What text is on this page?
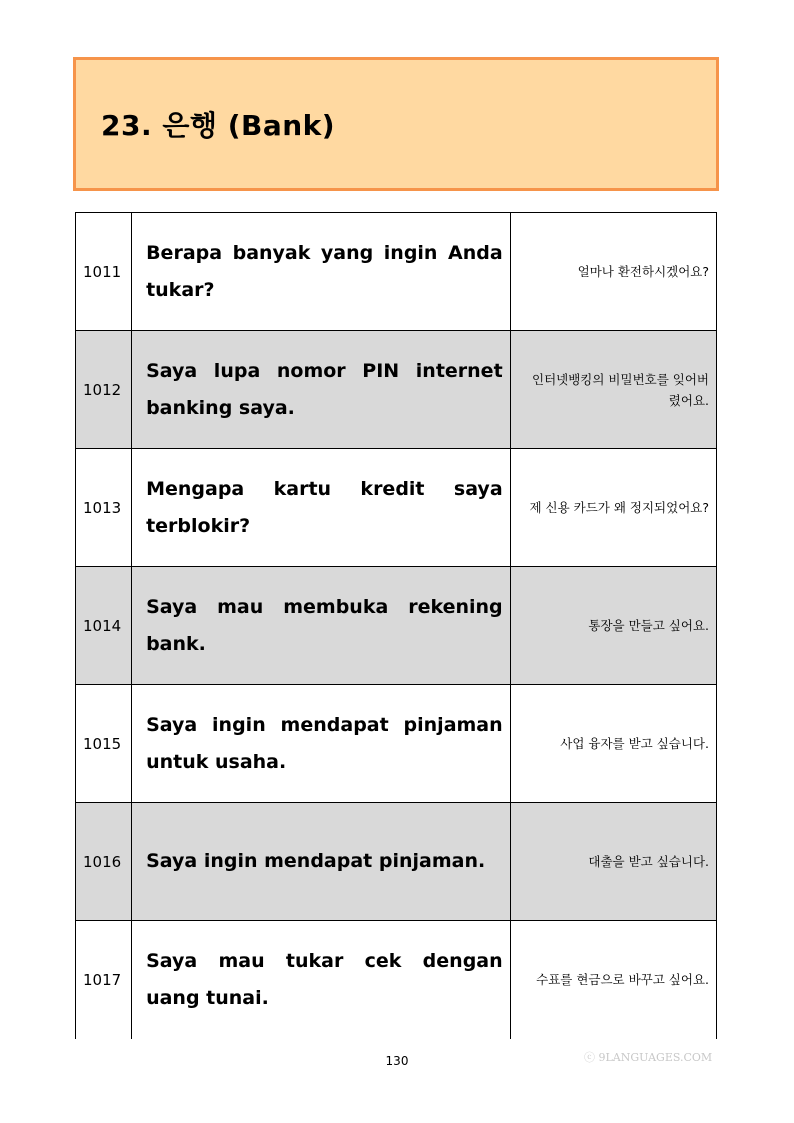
23. 은행 (Bank)
1011	Berapa banyak yang ingin Anda tukar?	얼마나 환전하시겠어요?
1012	Saya lupa nomor PIN internet banking saya.	인터넷뱅킹의 비밀번호를 잊어버렸어요.
1013	Mengapa kartu kredit saya terblokir?	제 신용 카드가 왜 정지되었어요?
1014	Saya mau membuka rekening bank.	통장을 만들고 싶어요.
1015	Saya ingin mendapat pinjaman untuk usaha.	사업 융자를 받고 싶습니다.
1016	Saya ingin mendapat pinjaman.	대출을 받고 싶습니다.
1017	Saya mau tukar cek dengan uang tunai.	수표를 현금으로 바꾸고 싶어요.
130	ⓒ 9LANGUAGES.COM
